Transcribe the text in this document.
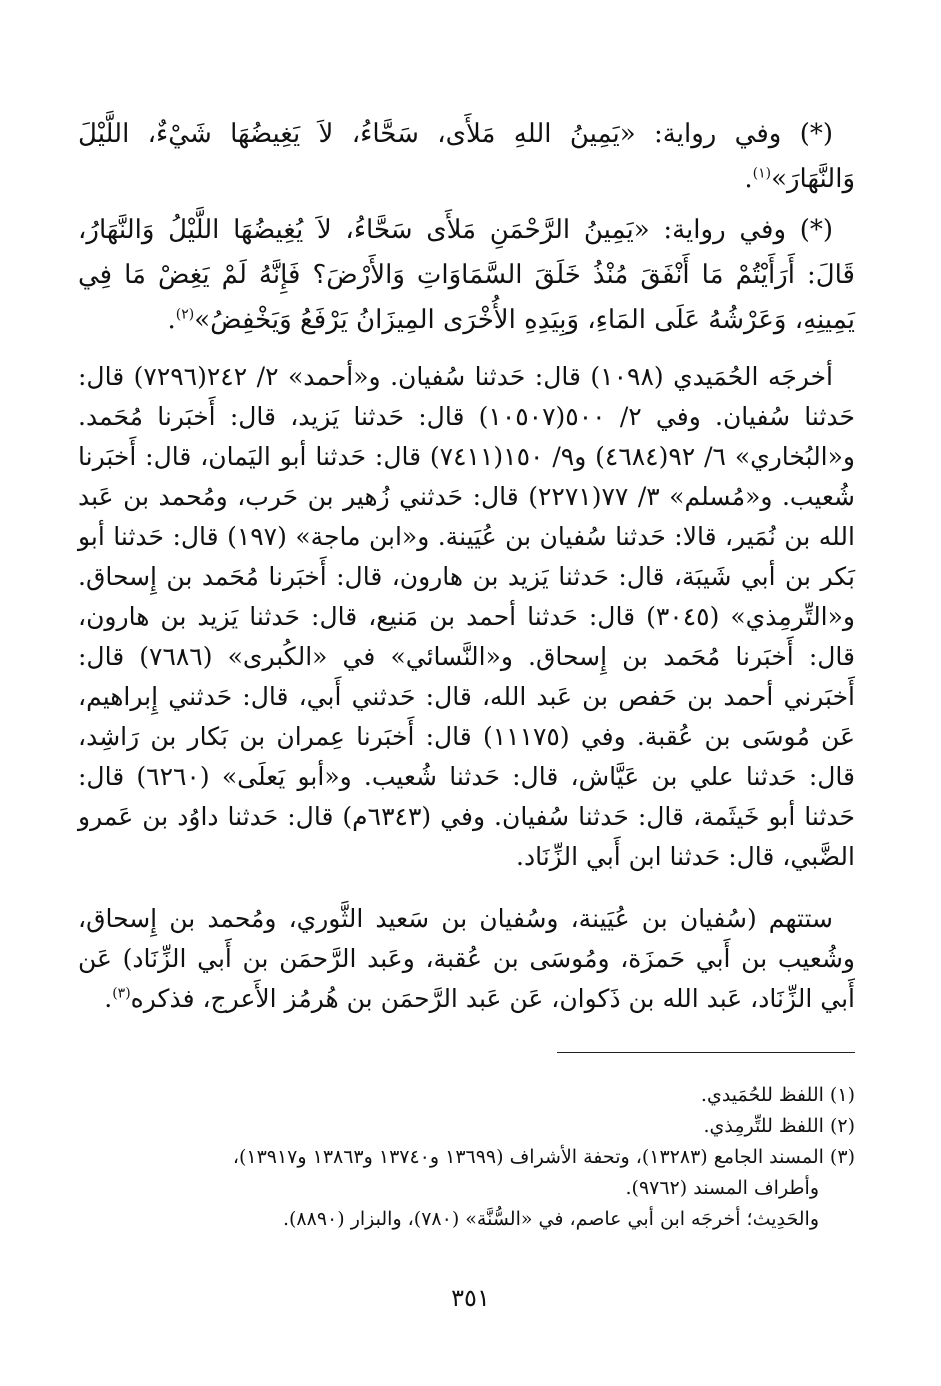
(*) وفي رواية: «يَمِينُ اللهِ مَلأَى، سَحَّاءُ، لاَ يَغِيضُهَا شَيْءٌ، اللَّيْلَ وَالنَّهَارَ»$^{(١)}$.

(*) وفي رواية: «يَمِينُ الرَّحْمَنِ مَلأَى سَحَّاءُ، لاَ يُغِيضُهَا اللَّيْلُ وَالنَّهَارُ، قَالَ: أَرَأَيْتُمْ مَا أَنْفَقَ مُنْذُ خَلَقَ السَّمَاوَاتِ وَالأَرْضَ؟ فَإِنَّهُ لَمْ يَغِضْ مَا فِي يَمِينِهِ، وَعَرْشُهُ عَلَى المَاءِ، وَبِيَدِهِ الأُخْرَى المِيزَانُ يَرْفَعُ وَيَخْفِضُ»$^{(٢)}$.

أخرجَه الحُمَيدي (١٠٩٨) قال: حَدثنا سُفيان. و«أحمد» ٢/ ٢٤٢(٧٢٩٦) قال: حَدثنا سُفيان. وفي ٢/ ٥٠٠(١٠٥٠٧) قال: حَدثنا يَزيد، قال: أَخبَرنا مُحَمد. و«البُخاري» ٦/ ٩٢(٤٦٨٤) و٩/ ١٥٠(٧٤١١) قال: حَدثنا أبو اليَمان، قال: أَخبَرنا شُعيب. و«مُسلم» ٣/ ٧٧(٢٢٧١) قال: حَدثني زُهير بن حَرب، ومُحمد بن عَبد الله بن نُمَير، قالا: حَدثنا سُفيان بن عُيَينة. و«ابن ماجة» (١٩٧) قال: حَدثنا أبو بَكر بن أبي شَيبَة، قال: حَدثنا يَزيد بن هارون، قال: أَخبَرنا مُحَمد بن إِسحاق. و«التِّرمِذي» (٣٠٤٥) قال: حَدثنا أحمد بن مَنيع، قال: حَدثنا يَزيد بن هارون، قال: أَخبَرنا مُحَمد بن إِسحاق. و«النَّسائي» في «الكُبرى» (٧٦٨٦) قال: أَخبَرني أحمد بن حَفص بن عَبد الله، قال: حَدثني أَبي، قال: حَدثني إِبراهيم، عَن مُوسَى بن عُقبة. وفي (١١١٧٥) قال: أَخبَرنا عِمران بن بَكار بن رَاشِد، قال: حَدثنا علي بن عَيَّاش، قال: حَدثنا شُعيب. و«أبو يَعلَى» (٦٢٦٠) قال: حَدثنا أبو خَيثَمة، قال: حَدثنا سُفيان. وفي (٦٣٤٣م) قال: حَدثنا داوُد بن عَمرو الضَّبي، قال: حَدثنا ابن أَبي الزِّنَاد.

ستتهم (سُفيان بن عُيَينة، وسُفيان بن سَعيد الثَّوري، ومُحمد بن إِسحاق، وشُعيب بن أَبي حَمزَة، ومُوسَى بن عُقبة، وعَبد الرَّحمَن بن أَبي الزِّنَاد) عَن أَبي الزِّنَاد، عَبد الله بن ذَكوان، عَن عَبد الرَّحمَن بن هُرمُز الأَعرج، فذكره$^{(٣)}$.

(١) اللفظ للحُمَيدي.

(٢) اللفظ للتِّرمِذي.

(٣) المسند الجامع (١٣٢٨٣)، وتحفة الأشراف (١٣٦٩٩ و١٣٧٤٠ و١٣٨٦٣ و١٣٩١٧)،

وأطراف المسند (٩٧٦٢).

والحَدِيث؛ أخرجَه ابن أبي عاصم، في «السُّنَّة» (٧٨٠)، والبزار (٨٨٩٠).

٣٥١
